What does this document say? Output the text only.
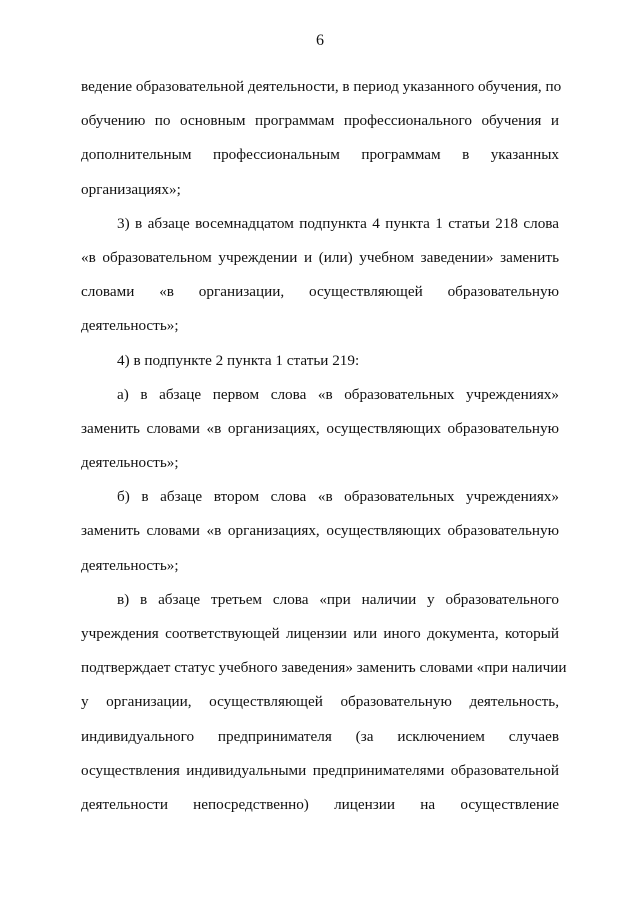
6
ведение образовательной деятельности, в период указанного обучения, по
обучению по основным программам профессионального обучения и
дополнительным профессиональным программам в указанных
организациях»;
3) в абзаце восемнадцатом подпункта 4 пункта 1 статьи 218 слова
«в образовательном учреждении и (или) учебном заведении» заменить
словами «в организации, осуществляющей образовательную
деятельность»;
4) в подпункте 2 пункта 1 статьи 219:
а) в абзаце первом слова «в образовательных учреждениях»
заменить словами «в организациях, осуществляющих образовательную
деятельность»;
б) в абзаце втором слова «в образовательных учреждениях»
заменить словами «в организациях, осуществляющих образовательную
деятельность»;
в) в абзаце третьем слова «при наличии у образовательного
учреждения соответствующей лицензии или иного документа, который
подтверждает статус учебного заведения» заменить словами «при наличии
у организации, осуществляющей образовательную деятельность,
индивидуального предпринимателя (за исключением случаев
осуществления индивидуальными предпринимателями образовательной
деятельности непосредственно) лицензии на осуществление
